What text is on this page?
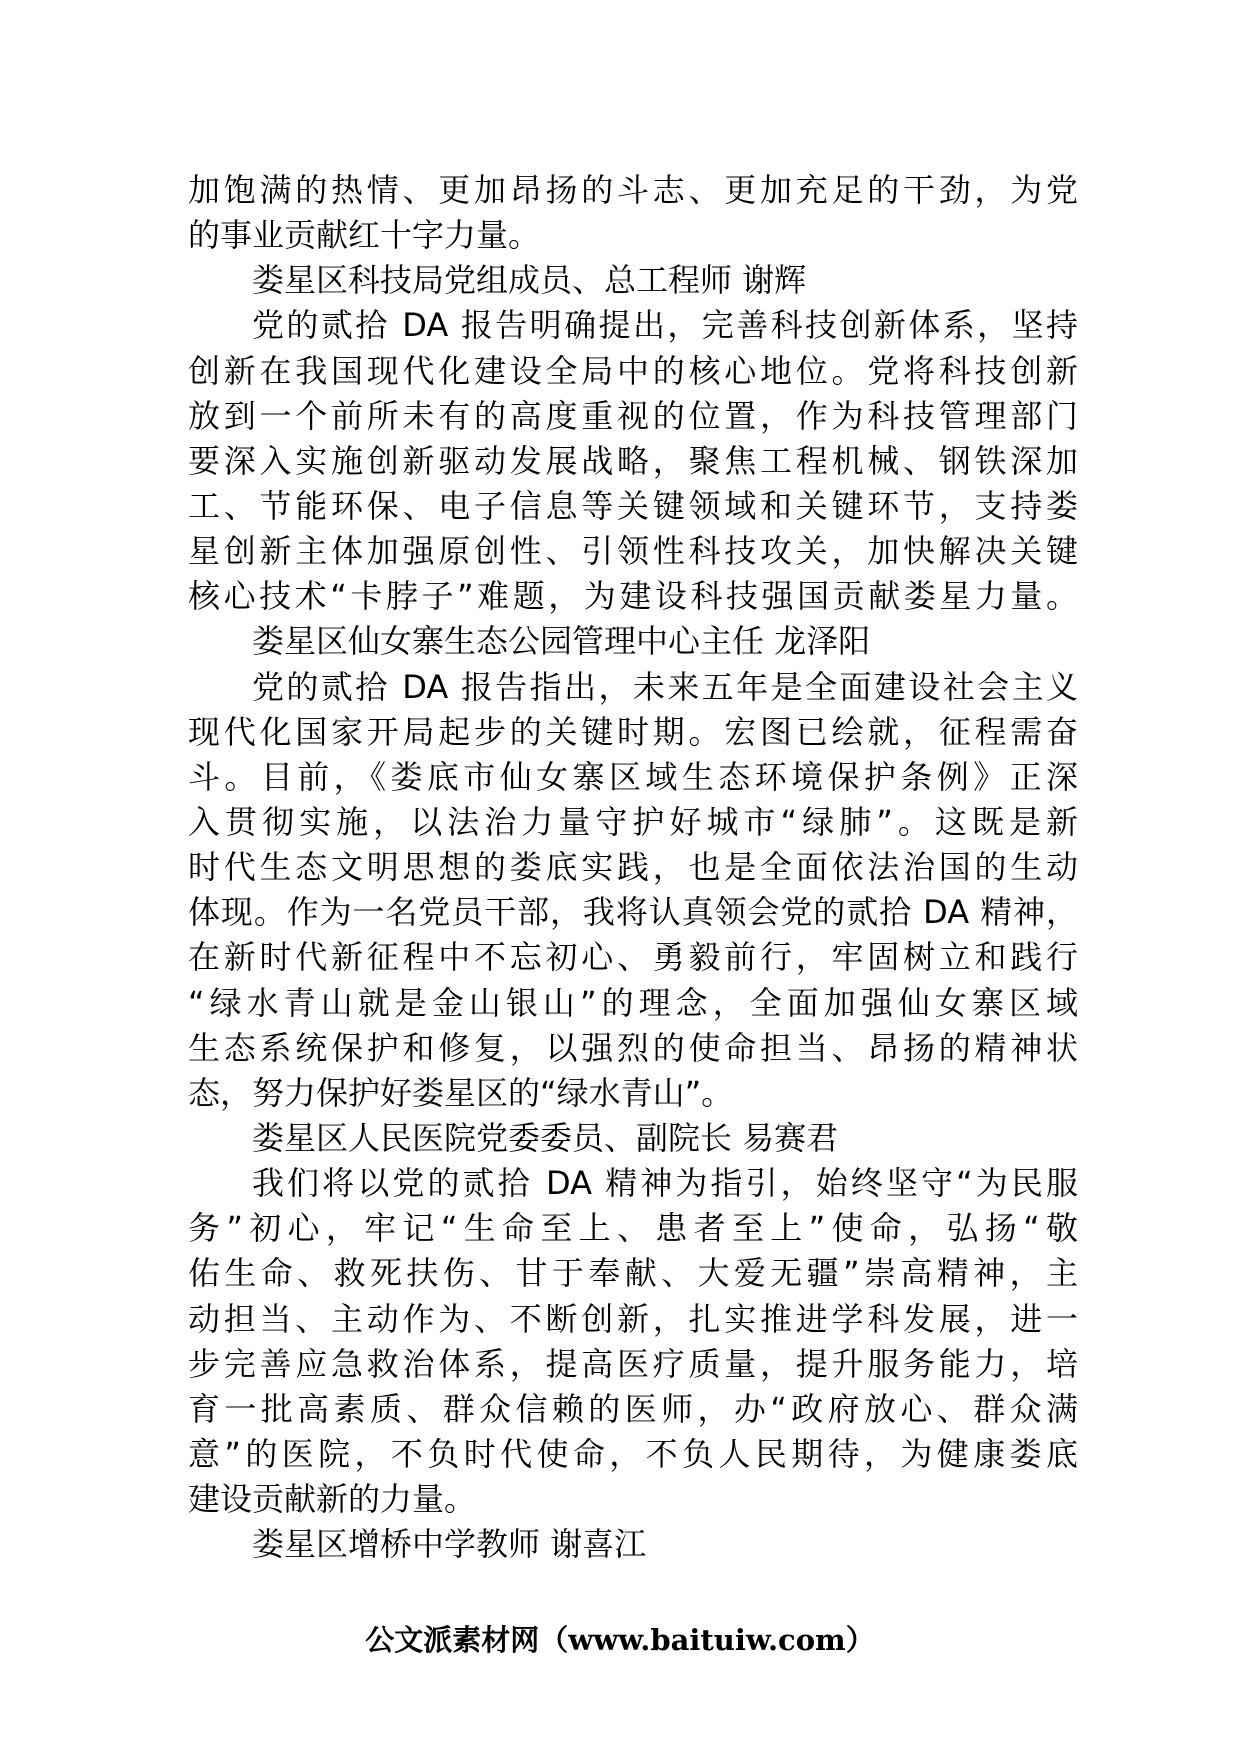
加饱满的热情、更加昂扬的斗志、更加充足的干劲，为党
的事业贡献红十字力量。
娄星区科技局党组成员、总工程师 谢辉
党的贰拾 DA 报告明确提出，完善科技创新体系，坚持
创新在我国现代化建设全局中的核心地位。党将科技创新
放到一个前所未有的高度重视的位置，作为科技管理部门
要深入实施创新驱动发展战略，聚焦工程机械、钢铁深加
工、节能环保、电子信息等关键领域和关键环节，支持娄
星创新主体加强原创性、引领性科技攻关，加快解决关键
核心技术“卡脖子”难题，为建设科技强国贡献娄星力量。
娄星区仙女寨生态公园管理中心主任 龙泽阳
党的贰拾 DA 报告指出，未来五年是全面建设社会主义
现代化国家开局起步的关键时期。宏图已绘就，征程需奋
斗。目前，《娄底市仙女寨区域生态环境保护条例》正深
入贯彻实施，以法治力量守护好城市“绿肺”。这既是新
时代生态文明思想的娄底实践，也是全面依法治国的生动
体现。作为一名党员干部，我将认真领会党的贰拾 DA 精神，
在新时代新征程中不忘初心、勇毅前行，牢固树立和践行
“绿水青山就是金山银山”的理念，全面加强仙女寨区域
生态系统保护和修复，以强烈的使命担当、昂扬的精神状
态，努力保护好娄星区的“绿水青山”。
娄星区人民医院党委委员、副院长 易赛君
我们将以党的贰拾 DA 精神为指引，始终坚守“为民服
务”初心，牢记“生命至上、患者至上”使命，弘扬“敬
佑生命、救死扶伤、甘于奉献、大爱无疆”崇高精神，主
动担当、主动作为、不断创新，扎实推进学科发展，进一
步完善应急救治体系，提高医疗质量，提升服务能力，培
育一批高素质、群众信赖的医师，办“政府放心、群众满
意”的医院，不负时代使命，不负人民期待，为健康娄底
建设贡献新的力量。
娄星区增桥中学教师 谢喜江
公文派素材网（www.baituiw.com）
